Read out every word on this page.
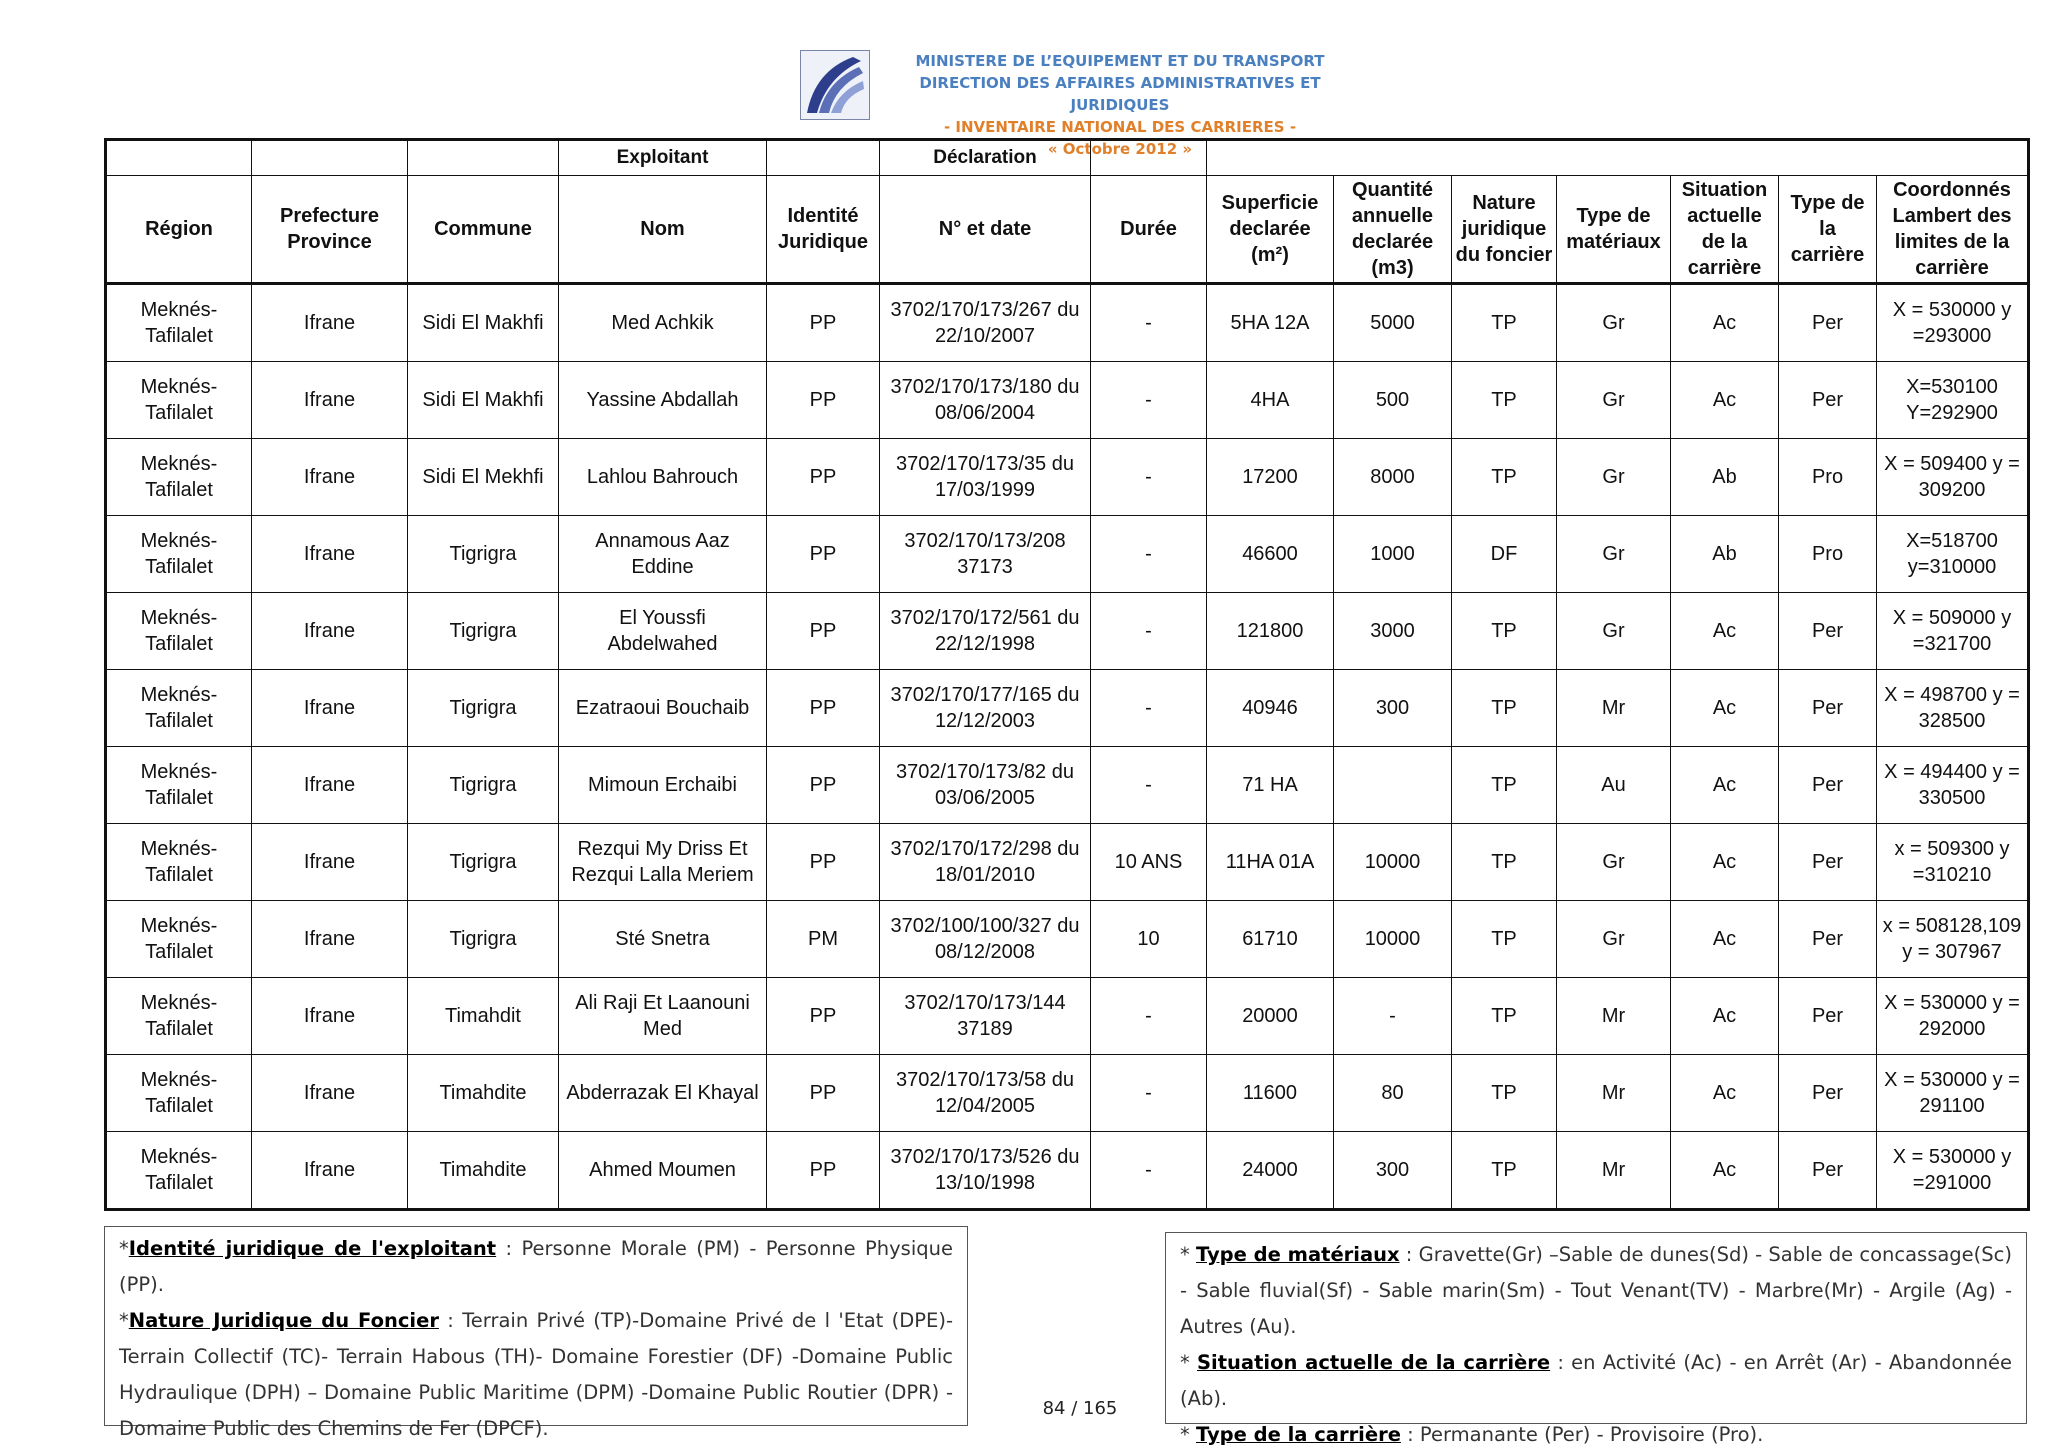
MINISTERE DE L’EQUIPEMENT ET DU TRANSPORT
DIRECTION DES AFFAIRES ADMINISTRATIVES ET JURIDIQUES
- INVENTAIRE NATIONAL DES CARRIERES -
« Octobre 2012 »
			Exploitant		Déclaration								
Région	Prefecture Province	Commune	Nom	Identité Juridique	N° et date	Durée	Superficie declarée (m²)	Quantité annuelle declarée (m3)	Nature juridique du foncier	Type de matériaux	Situation actuelle de la carrière	Type de la carrière	Coordonnés Lambert des limites de la carrière
Meknés-Tafilalet	Ifrane	Sidi El Makhfi	Med Achkik	PP	3702/170/173/267 du 22/10/2007	-	5HA 12A	5000	TP	Gr	Ac	Per	X = 530000 y =293000
Meknés-Tafilalet	Ifrane	Sidi El Makhfi	Yassine Abdallah	PP	3702/170/173/180 du 08/06/2004	-	4HA	500	TP	Gr	Ac	Per	X=530100 Y=292900
Meknés-Tafilalet	Ifrane	Sidi El Mekhfi	Lahlou Bahrouch	PP	3702/170/173/35 du 17/03/1999	-	17200	8000	TP	Gr	Ab	Pro	X = 509400 y = 309200
Meknés-Tafilalet	Ifrane	Tigrigra	Annamous Aaz Eddine	PP	3702/170/173/208 37173	-	46600	1000	DF	Gr	Ab	Pro	X=518700 y=310000
Meknés-Tafilalet	Ifrane	Tigrigra	El Youssfi Abdelwahed	PP	3702/170/172/561 du 22/12/1998	-	121800	3000	TP	Gr	Ac	Per	X = 509000 y =321700
Meknés-Tafilalet	Ifrane	Tigrigra	Ezatraoui Bouchaib	PP	3702/170/177/165 du 12/12/2003	-	40946	300	TP	Mr	Ac	Per	X = 498700 y = 328500
Meknés-Tafilalet	Ifrane	Tigrigra	Mimoun Erchaibi	PP	3702/170/173/82 du 03/06/2005	-	71 HA		TP	Au	Ac	Per	X = 494400 y = 330500
Meknés-Tafilalet	Ifrane	Tigrigra	Rezqui My Driss Et Rezqui Lalla Meriem	PP	3702/170/172/298 du 18/01/2010	10 ANS	11HA 01A	10000	TP	Gr	Ac	Per	x = 509300 y =310210
Meknés-Tafilalet	Ifrane	Tigrigra	Sté Snetra	PM	3702/100/100/327 du 08/12/2008	10	61710	10000	TP	Gr	Ac	Per	x = 508128,109 y = 307967
Meknés-Tafilalet	Ifrane	Timahdit	Ali Raji Et Laanouni Med	PP	3702/170/173/144 37189	-	20000	-	TP	Mr	Ac	Per	X = 530000 y = 292000
Meknés-Tafilalet	Ifrane	Timahdite	Abderrazak El Khayal	PP	3702/170/173/58 du 12/04/2005	-	11600	80	TP	Mr	Ac	Per	X = 530000 y = 291100
Meknés-Tafilalet	Ifrane	Timahdite	Ahmed Moumen	PP	3702/170/173/526 du 13/10/1998	-	24000	300	TP	Mr	Ac	Per	X = 530000 y =291000

*Identité juridique de l'exploitant : Personne Morale (PM) - Personne Physique (PP).

*Nature Juridique du Foncier : Terrain Privé (TP)-Domaine Privé de l 'Etat (DPE)- Terrain Collectif (TC)- Terrain Habous (TH)- Domaine Forestier (DF) -Domaine Public Hydraulique (DPH) – Domaine Public Maritime (DPM) -Domaine Public Routier (DPR) - Domaine Public des Chemins de Fer (DPCF).

* Type de matériaux : Gravette(Gr) –Sable de dunes(Sd) - Sable de concassage(Sc) - Sable fluvial(Sf) - Sable marin(Sm) - Tout Venant(TV) - Marbre(Mr) - Argile (Ag) - Autres (Au).

* Situation actuelle de la carrière : en Activité (Ac) - en Arrêt (Ar) - Abandonnée (Ab).

* Type de la carrière : Permanante (Per) - Provisoire (Pro).

84 / 165
